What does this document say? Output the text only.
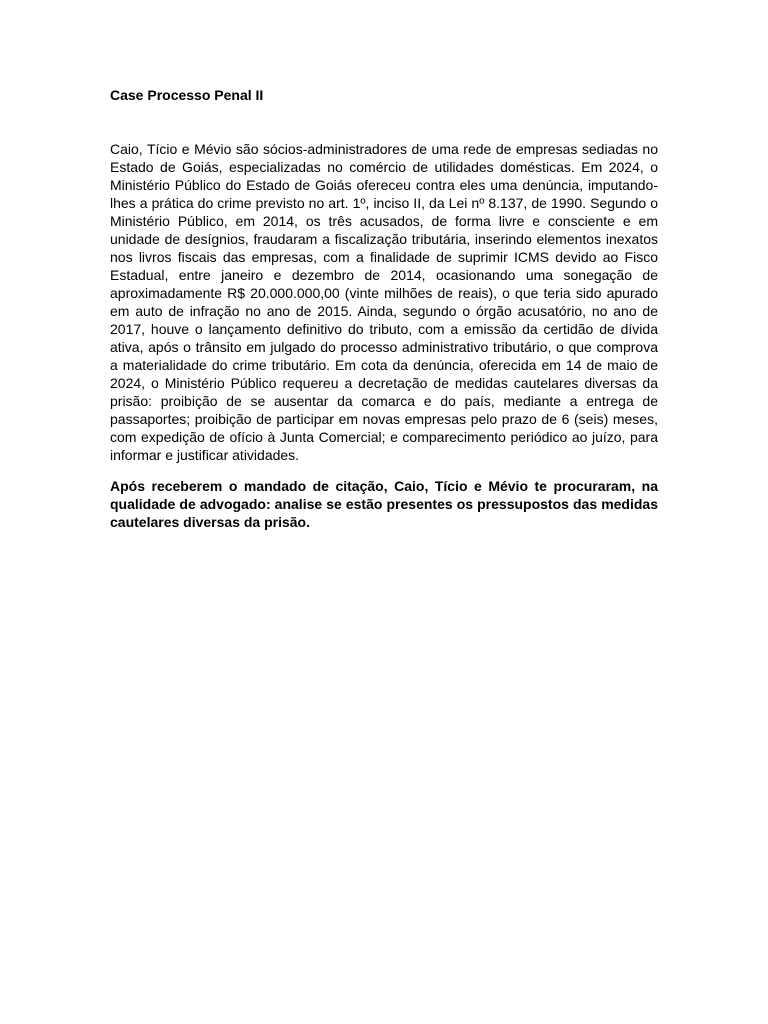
Case Processo Penal II

Caio, Tício e Mévio são sócios-administradores de uma rede de empresas sediadas no Estado de Goiás, especializadas no comércio de utilidades domésticas. Em 2024, o Ministério Público do Estado de Goiás ofereceu contra eles uma denúncia, imputando-lhes a prática do crime previsto no art. 1º, inciso II, da Lei nº 8.137, de 1990. Segundo o Ministério Público, em 2014, os três acusados, de forma livre e consciente e em unidade de desígnios, fraudaram a fiscalização tributária, inserindo elementos inexatos nos livros fiscais das empresas, com a finalidade de suprimir ICMS devido ao Fisco Estadual, entre janeiro e dezembro de 2014, ocasionando uma sonegação de aproximadamente R$ 20.000.000,00 (vinte milhões de reais), o que teria sido apurado em auto de infração no ano de 2015. Ainda, segundo o órgão acusatório, no ano de 2017, houve o lançamento definitivo do tributo, com a emissão da certidão de dívida ativa, após o trânsito em julgado do processo administrativo tributário, o que comprova a materialidade do crime tributário. Em cota da denúncia, oferecida em 14 de maio de 2024, o Ministério Público requereu a decretação de medidas cautelares diversas da prisão: proibição de se ausentar da comarca e do país, mediante a entrega de passaportes; proibição de participar em novas empresas pelo prazo de 6 (seis) meses, com expedição de ofício à Junta Comercial; e comparecimento periódico ao juízo, para informar e justificar atividades.

Após receberem o mandado de citação, Caio, Tício e Mévio te procuraram, na qualidade de advogado: analise se estão presentes os pressupostos das medidas cautelares diversas da prisão.
